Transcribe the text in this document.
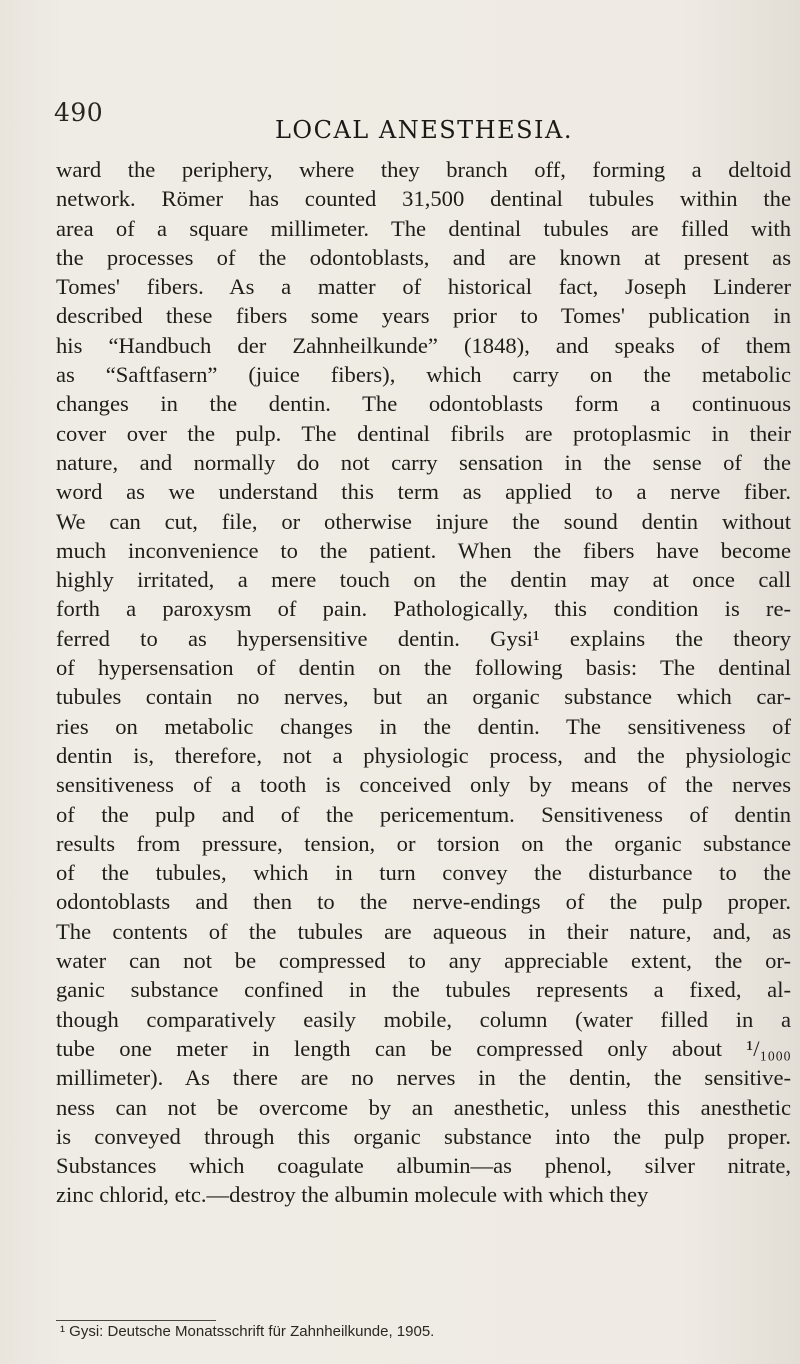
490
LOCAL ANESTHESIA.
ward the periphery, where they branch off, forming a deltoid
network. Römer has counted 31,500 dentinal tubules within the
area of a square millimeter. The dentinal tubules are filled with
the processes of the odontoblasts, and are known at present as
Tomes' fibers. As a matter of historical fact, Joseph Linderer
described these fibers some years prior to Tomes' publication in
his “Handbuch der Zahnheilkunde” (1848), and speaks of them
as “Saftfasern” (juice fibers), which carry on the metabolic
changes in the dentin. The odontoblasts form a continuous
cover over the pulp. The dentinal fibrils are protoplasmic in their
nature, and normally do not carry sensation in the sense of the
word as we understand this term as applied to a nerve fiber.
We can cut, file, or otherwise injure the sound dentin without
much inconvenience to the patient. When the fibers have become
highly irritated, a mere touch on the dentin may at once call
forth a paroxysm of pain. Pathologically, this condition is re-
ferred to as hypersensitive dentin. Gysi¹ explains the theory
of hypersensation of dentin on the following basis: The dentinal
tubules contain no nerves, but an organic substance which car-
ries on metabolic changes in the dentin. The sensitiveness of
dentin is, therefore, not a physiologic process, and the physiologic
sensitiveness of a tooth is conceived only by means of the nerves
of the pulp and of the pericementum. Sensitiveness of dentin
results from pressure, tension, or torsion on the organic substance
of the tubules, which in turn convey the disturbance to the
odontoblasts and then to the nerve-endings of the pulp proper.
The contents of the tubules are aqueous in their nature, and, as
water can not be compressed to any appreciable extent, the or-
ganic substance confined in the tubules represents a fixed, al-
though comparatively easily mobile, column (water filled in a
tube one meter in length can be compressed only about ¹/₁₀₀₀
millimeter). As there are no nerves in the dentin, the sensitive-
ness can not be overcome by an anesthetic, unless this anesthetic
is conveyed through this organic substance into the pulp proper.
Substances which coagulate albumin—as phenol, silver nitrate,
zinc chlorid, etc.—destroy the albumin molecule with which they
¹ Gysi: Deutsche Monatsschrift für Zahnheilkunde, 1905.
